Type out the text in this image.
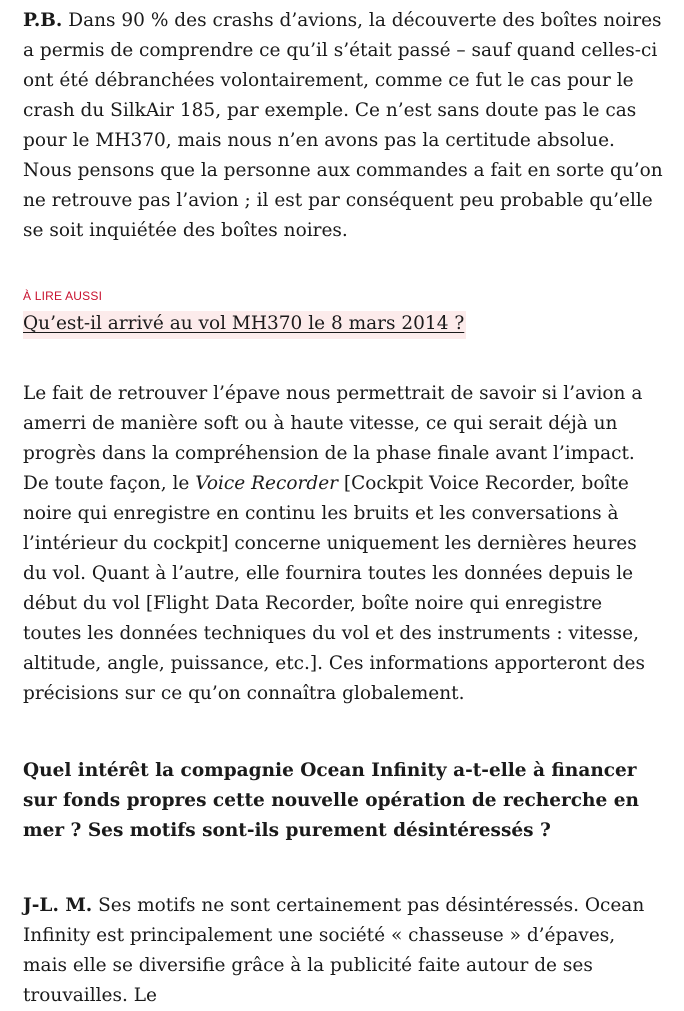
P.B. Dans 90 % des crashs d’avions, la découverte des boîtes noires a permis de comprendre ce qu’il s’était passé – sauf quand celles-ci ont été débranchées volontairement, comme ce fut le cas pour le crash du SilkAir 185, par exemple. Ce n’est sans doute pas le cas pour le MH370, mais nous n’en avons pas la certitude absolue. Nous pensons que la personne aux commandes a fait en sorte qu’on ne retrouve pas l’avion ; il est par conséquent peu probable qu’elle se soit inquiétée des boîtes noires.

À LIRE AUSSI
Qu’est-il arrivé au vol MH370 le 8 mars 2014 ?

Le fait de retrouver l’épave nous permettrait de savoir si l’avion a amerri de manière soft ou à haute vitesse, ce qui serait déjà un progrès dans la compréhension de la phase finale avant l’impact. De toute façon, le Voice Recorder [Cockpit Voice Recorder, boîte noire qui enregistre en continu les bruits et les conversations à l’intérieur du cockpit] concerne uniquement les dernières heures du vol. Quant à l’autre, elle fournira toutes les données depuis le début du vol [Flight Data Recorder, boîte noire qui enregistre toutes les données techniques du vol et des instruments : vitesse, altitude, angle, puissance, etc.]. Ces informations apporteront des précisions sur ce qu’on connaîtra globalement.

Quel intérêt la compagnie Ocean Infinity a-t-elle à financer sur fonds propres cette nouvelle opération de recherche en mer ? Ses motifs sont-ils purement désintéressés ?

J-L. M. Ses motifs ne sont certainement pas désintéressés. Ocean Infinity est principalement une société « chasseuse » d’épaves, mais elle se diversifie grâce à la publicité faite autour de ses trouvailles. Le
